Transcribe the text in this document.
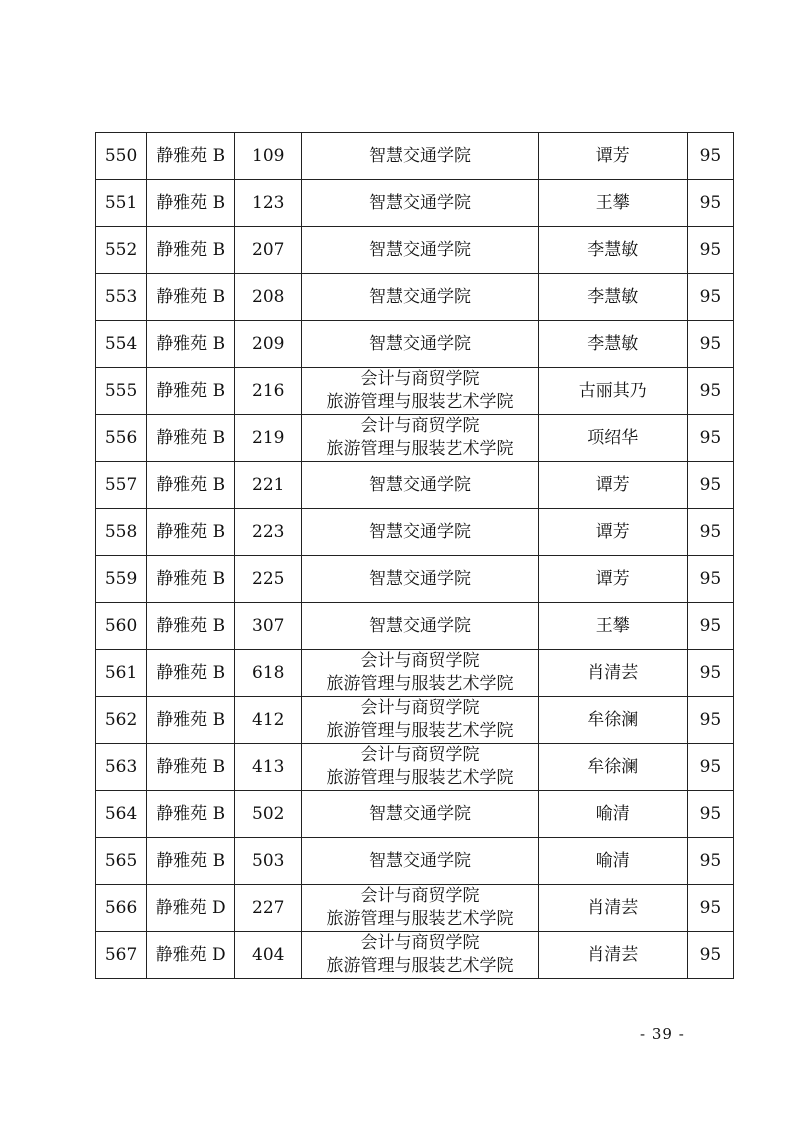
550	静雅苑 B	109	智慧交通学院	谭芳	95
551	静雅苑 B	123	智慧交通学院	王攀	95
552	静雅苑 B	207	智慧交通学院	李慧敏	95
553	静雅苑 B	208	智慧交通学院	李慧敏	95
554	静雅苑 B	209	智慧交通学院	李慧敏	95
555	静雅苑 B	216	会计与商贸学院
旅游管理与服装艺术学院	古丽其乃	95
556	静雅苑 B	219	会计与商贸学院
旅游管理与服装艺术学院	项绍华	95
557	静雅苑 B	221	智慧交通学院	谭芳	95
558	静雅苑 B	223	智慧交通学院	谭芳	95
559	静雅苑 B	225	智慧交通学院	谭芳	95
560	静雅苑 B	307	智慧交通学院	王攀	95
561	静雅苑 B	618	会计与商贸学院
旅游管理与服装艺术学院	肖清芸	95
562	静雅苑 B	412	会计与商贸学院
旅游管理与服装艺术学院	牟徐澜	95
563	静雅苑 B	413	会计与商贸学院
旅游管理与服装艺术学院	牟徐澜	95
564	静雅苑 B	502	智慧交通学院	喻清	95
565	静雅苑 B	503	智慧交通学院	喻清	95
566	静雅苑 D	227	会计与商贸学院
旅游管理与服装艺术学院	肖清芸	95
567	静雅苑 D	404	会计与商贸学院
旅游管理与服装艺术学院	肖清芸	95
- 39 -
